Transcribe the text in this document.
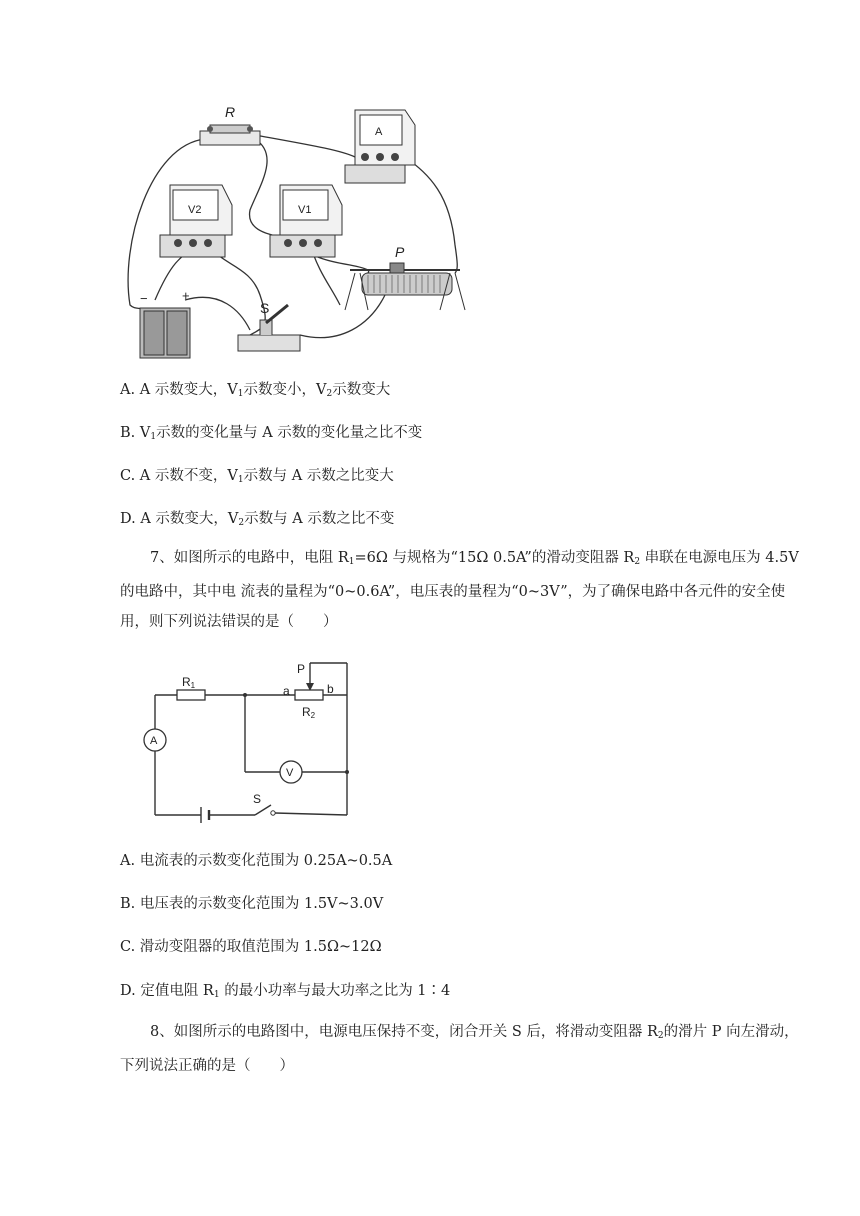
R
A
V2	V1
P
−	+
S
A. A 示数变大，$V_1$示数变小，$V_2$示数变大
B. $V_1$示数的变化量与 A 示数的变化量之比不变
C. A 示数不变，$V_1$示数与 A 示数之比变大
D. A 示数变大，$V_2$示数与 A 示数之比不变
7、如图所示的电路中，电阻 $R_1=6\Omega$ 与规格为“15Ω 0.5A”的滑动变阻器 $R_2$ 串联在电源电压为 4.5V 的电路中，其中电 流表的量程为“0~0.6A”，电压表的量程为“0~3V”，为了确保电路中各元件的安全使用，则下列说法错误的是（　　）
R1
R2
a	b
P
A
V
S
A. 电流表的示数变化范围为 0.25A~0.5A
B. 电压表的示数变化范围为 1.5V~3.0V
C. 滑动变阻器的取值范围为 1.5Ω~12Ω
D. 定值电阻 $R_1$ 的最小功率与最大功率之比为 1∶4
8、如图所示的电路图中，电源电压保持不变，闭合开关 S 后，将滑动变阻器 $R_2$的滑片 P 向左滑动，下列说法正确的是（　　）
